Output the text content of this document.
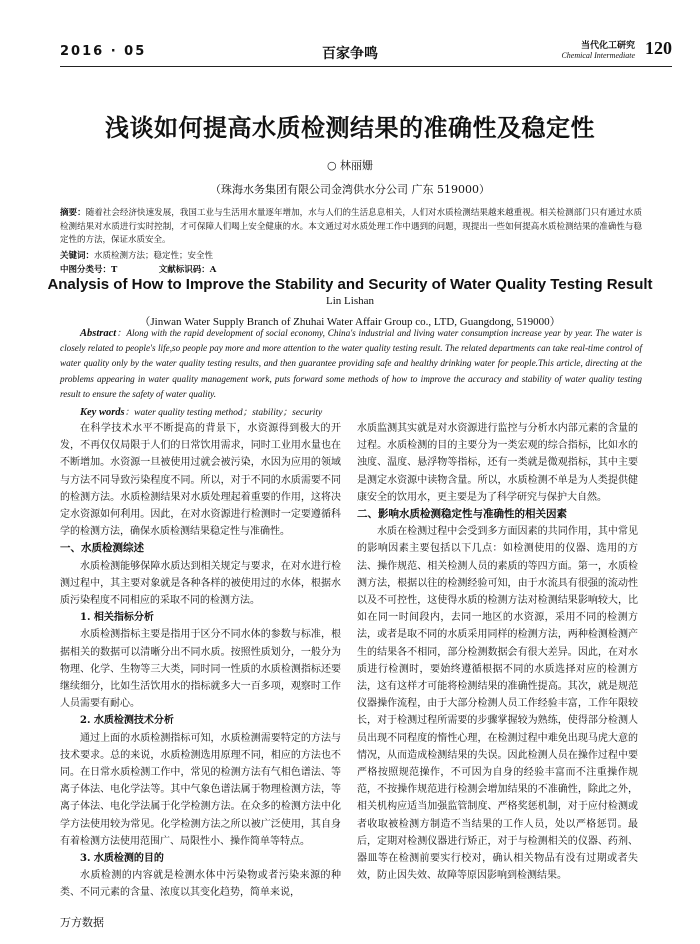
2016 · 05	百家争鸣	当代化工研究
Chemical Intermediate 120
浅谈如何提高水质检测结果的准确性及稳定性
○ 林丽姗
（珠海水务集团有限公司金湾供水分公司 广东 519000）
摘要：随着社会经济快速发展，我国工业与生活用水量逐年增加，水与人们的生活息息相关，人们对水质检测结果越来越重视。相关检测部门只有通过水质检测结果对水质进行实时控制，才可保障人们喝上安全健康的水。本文通过对水质处理工作中遇到的问题，现提出一些如何提高水质检测结果的准确性与稳定性的方法，保证水质安全。
关键词：水质检测方法；稳定性；安全性
中图分类号：T	文献标识码：A
Analysis of How to Improve the Stability and Security of Water Quality Testing Result
Lin Lishan
（Jinwan Water Supply Branch of Zhuhai Water Affair Group co., LTD, Guangdong, 519000）
Abstract：Along with the rapid development of social economy, China's industrial and living water consumption increase year by year. The water is closely related to people's life,so people pay more and more attention to the water quality testing result. The related departments can take real-time control of water quality only by the water quality testing results, and then guarantee providing safe and healthy drinking water for people.This article, directing at the problems appearing in water quality management work, puts forward some methods of how to improve the accuracy and stability of water quality testing result to ensure the safety of water quality.
Key words：water quality testing method；stability；security

在科学技术水平不断提高的背景下，水资源得到极大的开发，不再仅仅局限于人们的日常饮用需求，同时工业用水量也在不断增加。水资源一旦被使用过就会被污染，水因为应用的领域与方法不同导致污染程度不同。所以，对于不同的水质需要不同的检测方法。水质检测结果对水质处理起着重要的作用，这将决定水资源如何利用。因此，在对水资源进行检测时一定要遵循科学的检测方法，确保水质检测结果稳定性与准确性。

一、水质检测综述

水质检测能够保障水质达到相关规定与要求，在对水进行检测过程中，其主要对象就是各种各样的被使用过的水体，根据水质污染程度不同相应的采取不同的检测方法。

1. 相关指标分析

水质检测指标主要是指用于区分不同水体的参数与标准，根据相关的数据可以清晰分出不同水质。按照性质划分，一般分为物理、化学、生物等三大类，同时同一性质的水质检测指标还要继续细分，比如生活饮用水的指标就多大一百多项，观察时工作人员需要有耐心。

2. 水质检测技术分析

通过上面的水质检测指标可知，水质检测需要特定的方法与技术要求。总的来说，水质检测选用原理不同，相应的方法也不同。在日常水质检测工作中，常见的检测方法有气相色谱法、等离子体法、电化学法等。其中气象色谱法属于物理检测方法，等离子体法、电化学法属于化学检测方法。在众多的检测方法中化学方法使用较为常见。化学检测方法之所以被广泛使用，其自身有着检测方法使用范围广、局限性小、操作简单等特点。

3. 水质检测的目的

水质检测的内容就是检测水体中污染物或者污染来源的种类、不同元素的含量、浓度以其变化趋势，简单来说，

水质监测其实就是对水资源进行监控与分析水内部元素的含量的过程。水质检测的目的主要分为一类宏观的综合指标，比如水的浊度、温度、悬浮物等指标，还有一类就是微观指标，其中主要是测定水资源中读物含量。所以，水质检测不单是为人类提供健康安全的饮用水，更主要是为了科学研究与保护大自然。

二、影响水质检测稳定性与准确性的相关因素

水质在检测过程中会受到多方面因素的共同作用，其中常见的影响因素主要包括以下几点：如检测使用的仪器、选用的方法、操作规范、相关检测人员的素质的等四方面。第一，水质检测方法，根据以往的检测经验可知，由于水流具有很强的流动性以及不可控性，这使得水质的检测方法对检测结果影响较大，比如在同一时间段内，去同一地区的水资源，采用不同的检测方法，或者是取不同的水质采用同样的检测方法，两种检测检测产生的结果各不相同，部分检测数据会有很大差异。因此，在对水质进行检测时，要始终遵循根据不同的水质选择对应的检测方法，这有这样才可能将检测结果的准确性提高。其次，就是规范仪器操作流程，由于大部分检测人员工作经验丰富，工作年限较长，对于检测过程所需要的步骤掌握较为熟练，使得部分检测人员出现不同程度的惰性心理，在检测过程中难免出现马虎大意的情况，从而造成检测结果的失误。因此检测人员在操作过程中要严格按照规范操作，不可因为自身的经验丰富而不注重操作规范，不按操作规范进行检测会增加结果的不准确性，除此之外，相关机构应适当加强监管制度、严格奖惩机制，对于应付检测或者收取被检测方制造不当结果的工作人员，处以严格惩罚。最后，定期对检测仪器进行矫正，对于与检测相关的仪器、药剂、器皿等在检测前要实行校对，确认相关物品有没有过期或者失效，防止因失效、故障等原因影响到检测结果。

万方数据
